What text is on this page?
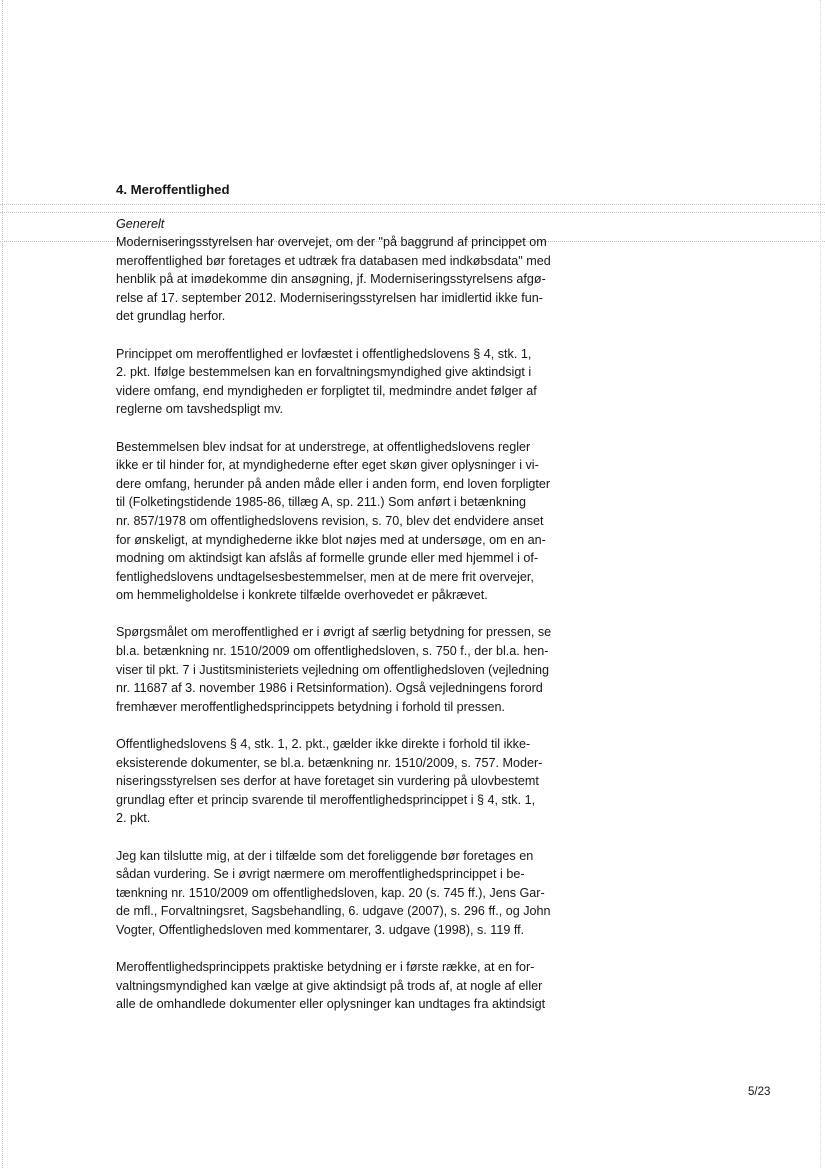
4. Meroffentlighed
Generelt
Moderniseringsstyrelsen har overvejet, om der "på baggrund af princippet om
meroffentlighed bør foretages et udtræk fra databasen med indkøbsdata" med
henblik på at imødekomme din ansøgning, jf. Moderniseringsstyrelsens afgø-
relse af 17. september 2012. Moderniseringsstyrelsen har imidlertid ikke fun-
det grundlag herfor.
Princippet om meroffentlighed er lovfæstet i offentlighedslovens § 4, stk. 1,
2. pkt. Ifølge bestemmelsen kan en forvaltningsmyndighed give aktindsigt i
videre omfang, end myndigheden er forpligtet til, medmindre andet følger af
reglerne om tavshedspligt mv.
Bestemmelsen blev indsat for at understrege, at offentlighedslovens regler
ikke er til hinder for, at myndighederne efter eget skøn giver oplysninger i vi-
dere omfang, herunder på anden måde eller i anden form, end loven forpligter
til (Folketingstidende 1985-86, tillæg A, sp. 211.) Som anført i betænkning
nr. 857/1978 om offentlighedslovens revision, s. 70, blev det endvidere anset
for ønskeligt, at myndighederne ikke blot nøjes med at undersøge, om en an-
modning om aktindsigt kan afslås af formelle grunde eller med hjemmel i of-
fentlighedslovens undtagelsesbestemmelser, men at de mere frit overvejer,
om hemmeligholdelse i konkrete tilfælde overhovedet er påkrævet.
Spørgsmålet om meroffentlighed er i øvrigt af særlig betydning for pressen, se
bl.a. betænkning nr. 1510/2009 om offentlighedsloven, s. 750 f., der bl.a. hen-
viser til pkt. 7 i Justitsministeriets vejledning om offentlighedsloven (vejledning
nr. 11687 af 3. november 1986 i Retsinformation). Også vejledningens forord
fremhæver meroffentlighedsprincippets betydning i forhold til pressen.
Offentlighedslovens § 4, stk. 1, 2. pkt., gælder ikke direkte i forhold til ikke-
eksisterende dokumenter, se bl.a. betænkning nr. 1510/2009, s. 757. Moder-
niseringsstyrelsen ses derfor at have foretaget sin vurdering på ulovbestemt
grundlag efter et princip svarende til meroffentlighedsprincippet i § 4, stk. 1,
2. pkt.
Jeg kan tilslutte mig, at der i tilfælde som det foreliggende bør foretages en
sådan vurdering. Se i øvrigt nærmere om meroffentlighedsprincippet i be-
tænkning nr. 1510/2009 om offentlighedsloven, kap. 20 (s. 745 ff.), Jens Gar-
de mfl., Forvaltningsret, Sagsbehandling, 6. udgave (2007), s. 296 ff., og John
Vogter, Offentlighedsloven med kommentarer, 3. udgave (1998), s. 119 ff.
Meroffentlighedsprincippets praktiske betydning er i første række, at en for-
valtningsmyndighed kan vælge at give aktindsigt på trods af, at nogle af eller
alle de omhandlede dokumenter eller oplysninger kan undtages fra aktindsigt
5/23
